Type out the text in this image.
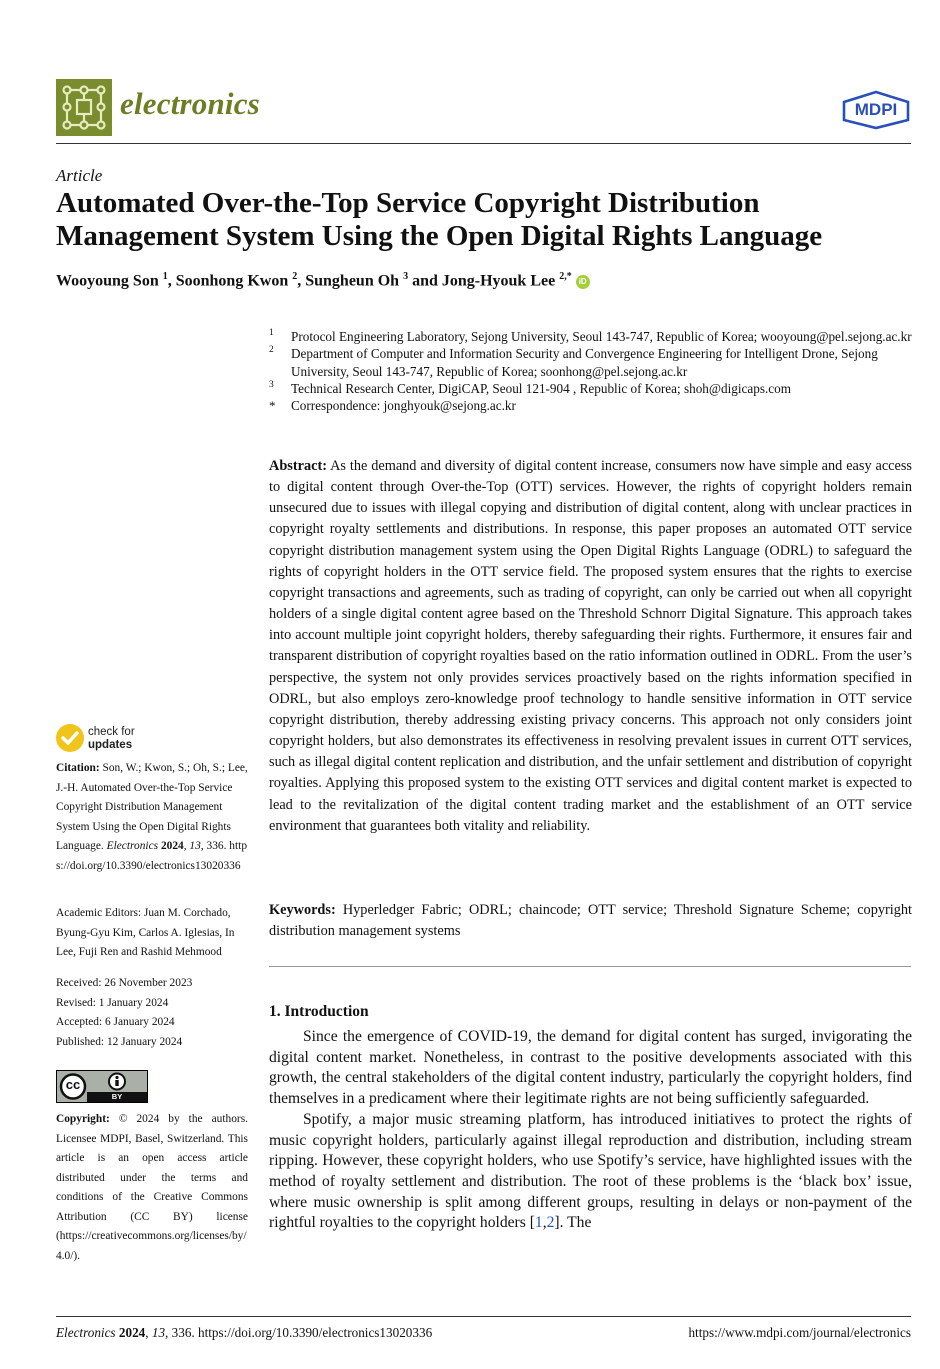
electronics	MDPI
Article
Automated Over-the-Top Service Copyright Distribution Management System Using the Open Digital Rights Language
Wooyoung Son $^1$, Soonhong Kwon $^2$, Sungheun Oh $^3$ and Jong-Hyouk Lee $^{2,*}$ iD
1 Protocol Engineering Laboratory, Sejong University, Seoul 143-747, Republic of Korea; wooyoung@pel.sejong.ac.kr
2 Department of Computer and Information Security and Convergence Engineering for Intelligent Drone, Sejong University, Seoul 143-747, Republic of Korea; soonhong@pel.sejong.ac.kr
3 Technical Research Center, DigiCAP, Seoul 121-904 , Republic of Korea; shoh@digicaps.com
* Correspondence: jonghyouk@sejong.ac.kr
Abstract: As the demand and diversity of digital content increase, consumers now have simple and easy access to digital content through Over-the-Top (OTT) services. However, the rights of copyright holders remain unsecured due to issues with illegal copying and distribution of digital content, along with unclear practices in copyright royalty settlements and distributions. In response, this paper proposes an automated OTT service copyright distribution management system using the Open Digital Rights Language (ODRL) to safeguard the rights of copyright holders in the OTT service field. The proposed system ensures that the rights to exercise copyright transactions and agreements, such as trading of copyright, can only be carried out when all copyright holders of a single digital content agree based on the Threshold Schnorr Digital Signature. This approach takes into account multiple joint copyright holders, thereby safeguarding their rights. Furthermore, it ensures fair and transparent distribution of copyright royalties based on the ratio information outlined in ODRL. From the user’s perspective, the system not only provides services proactively based on the rights information specified in ODRL, but also employs zero-knowledge proof technology to handle sensitive information in OTT service copyright distribution, thereby addressing existing privacy concerns. This approach not only considers joint copyright holders, but also demonstrates its effectiveness in resolving prevalent issues in current OTT services, such as illegal digital content replication and distribution, and the unfair settlement and distribution of copyright royalties. Applying this proposed system to the existing OTT services and digital content market is expected to lead to the revitalization of the digital content trading market and the establishment of an OTT service environment that guarantees both vitality and reliability.
Keywords: Hyperledger Fabric; ODRL; chaincode; OTT service; Threshold Signature Scheme; copyright distribution management systems
1. Introduction

Since the emergence of COVID-19, the demand for digital content has surged, invigorating the digital content market. Nonetheless, in contrast to the positive developments associated with this growth, the central stakeholders of the digital content industry, particularly the copyright holders, find themselves in a predicament where their legitimate rights are not being sufficiently safeguarded.

Spotify, a major music streaming platform, has introduced initiatives to protect the rights of music copyright holders, particularly against illegal reproduction and distribution, including stream ripping. However, these copyright holders, who use Spotify’s service, have highlighted issues with the method of royalty settlement and distribution. The root of these problems is the ‘black box’ issue, where music ownership is split among different groups, resulting in delays or non-payment of the rightful royalties to the copyright holders [1,2]. The

check for
updates
Citation: Son, W.; Kwon, S.; Oh, S.; Lee, J.-H. Automated Over-the-Top Service Copyright Distribution Management System Using the Open Digital Rights Language. Electronics 2024, 13, 336. https://doi.org/10.3390/electronics13020336
Academic Editors: Juan M. Corchado, Byung-Gyu Kim, Carlos A. Iglesias, In Lee, Fuji Ren and Rashid Mehmood
Received: 26 November 2023
Revised: 1 January 2024
Accepted: 6 January 2024
Published: 12 January 2024
cc
BY
Copyright: © 2024 by the authors. Licensee MDPI, Basel, Switzerland. This article is an open access article distributed under the terms and conditions of the Creative Commons Attribution (CC BY) license (https://creativecommons.org/licenses/by/4.0/).
Electronics 2024, 13, 336. https://doi.org/10.3390/electronics13020336	https://www.mdpi.com/journal/electronics
